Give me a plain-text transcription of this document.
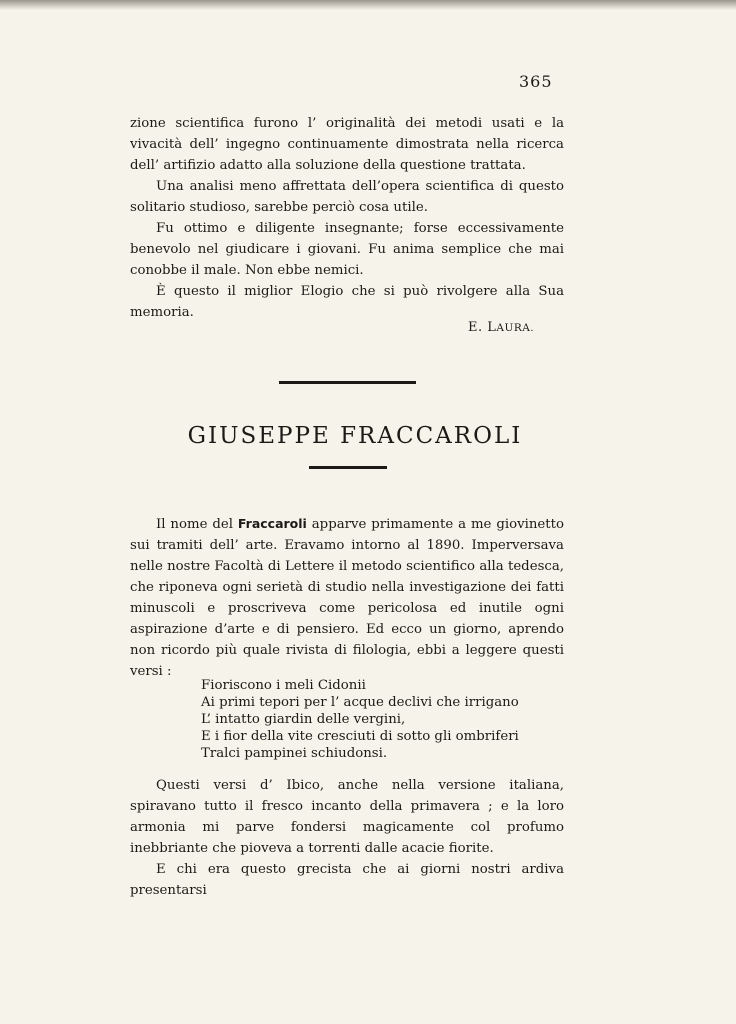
365

zione scientifica furono l’ originalità dei metodi usati e la vivacità dell’ ingegno continuamente dimostrata nella ricerca dell’ artifizio adatto alla soluzione della questione trattata.

Una analisi meno affrettata dell’opera scientifica di questo solitario studioso, sarebbe perciò cosa utile.

Fu ottimo e diligente insegnante; forse eccessivamente benevolo nel giudicare i giovani. Fu anima semplice che mai conobbe il male. Non ebbe nemici.

È questo il miglior Elogio che si può rivolgere alla Sua memoria.

E. LAURA.
GIUSEPPE FRACCAROLI

Il nome del Fraccaroli apparve primamente a me giovinetto sui tramiti dell’ arte. Eravamo intorno al 1890. Imperversava nelle nostre Facoltà di Lettere il metodo scientifico alla tedesca, che riponeva ogni serietà di studio nella investigazione dei fatti minuscoli e proscriveva come pericolosa ed inutile ogni aspirazione d’arte e di pensiero. Ed ecco un giorno, aprendo non ricordo più quale rivista di filologia, ebbi a leggere questi versi :

Fioriscono i meli Cidonii
Ai primi tepori per l’ acque declivi che irrigano
L’ intatto giardin delle vergini,
E i fior della vite cresciuti di sotto gli ombriferi
Tralci pampinei schiudonsi.

Questi versi d’ Ibico, anche nella versione italiana, spiravano tutto il fresco incanto della primavera ; e la loro armonia mi parve fondersi magicamente col profumo inebbriante che pioveva a torrenti dalle acacie fiorite.

E chi era questo grecista che ai giorni nostri ardiva presentarsi
